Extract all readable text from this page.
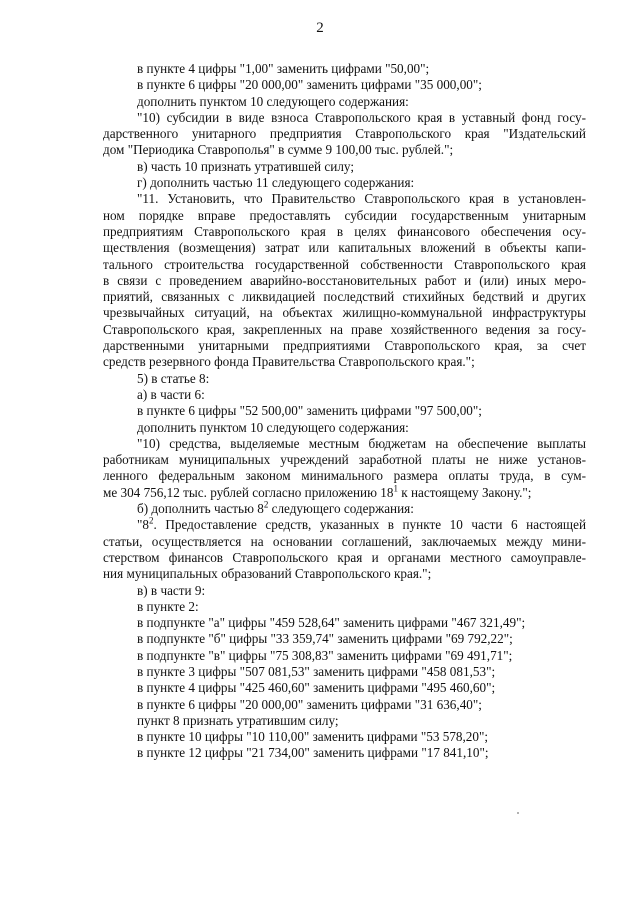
2
в пункте 4 цифры "1,00" заменить цифрами "50,00";
в пункте 6 цифры "20 000,00" заменить цифрами "35 000,00";
дополнить пунктом 10 следующего содержания:
"10) субсидии в виде взноса Ставропольского края в уставный фонд госу-
дарственного унитарного предприятия Ставропольского края "Издательский
дом "Периодика Ставрополья" в сумме 9 100,00 тыс. рублей.";
в) часть 10 признать утратившей силу;
г) дополнить частью 11 следующего содержания:
"11. Установить, что Правительство Ставропольского края в установлен-
ном порядке вправе предоставлять субсидии государственным унитарным
предприятиям Ставропольского края в целях финансового обеспечения осу-
ществления (возмещения) затрат или капитальных вложений в объекты капи-
тального строительства государственной собственности Ставропольского края
в связи с проведением аварийно-восстановительных работ и (или) иных меро-
приятий, связанных с ликвидацией последствий стихийных бедствий и других
чрезвычайных ситуаций, на объектах жилищно-коммунальной инфраструктуры
Ставропольского края, закрепленных на праве хозяйственного ведения за госу-
дарственными унитарными предприятиями Ставропольского края, за счет
средств резервного фонда Правительства Ставропольского края.";
5) в статье 8:
а) в части 6:
в пункте 6 цифры "52 500,00" заменить цифрами "97 500,00";
дополнить пунктом 10 следующего содержания:
"10) средства, выделяемые местным бюджетам на обеспечение выплаты
работникам муниципальных учреждений заработной платы не ниже установ-
ленного федеральным законом минимального размера оплаты труда, в сум-
ме 304 756,12 тыс. рублей согласно приложению $18^1$ к настоящему Закону.";
б) дополнить частью $8^2$ следующего содержания:
"$8^2$. Предоставление средств, указанных в пункте 10 части 6 настоящей
статьи, осуществляется на основании соглашений, заключаемых между мини-
стерством финансов Ставропольского края и органами местного самоуправле-
ния муниципальных образований Ставропольского края.";
в) в части 9:
в пункте 2:
в подпункте "а" цифры "459 528,64" заменить цифрами "467 321,49";
в подпункте "б" цифры "33 359,74" заменить цифрами "69 792,22";
в подпункте "в" цифры "75 308,83" заменить цифрами "69 491,71";
в пункте 3 цифры "507 081,53" заменить цифрами "458 081,53";
в пункте 4 цифры "425 460,60" заменить цифрами "495 460,60";
в пункте 6 цифры "20 000,00" заменить цифрами "31 636,40";
пункт 8 признать утратившим силу;
в пункте 10 цифры "10 110,00" заменить цифрами "53 578,20";
в пункте 12 цифры "21 734,00" заменить цифрами "17 841,10";
